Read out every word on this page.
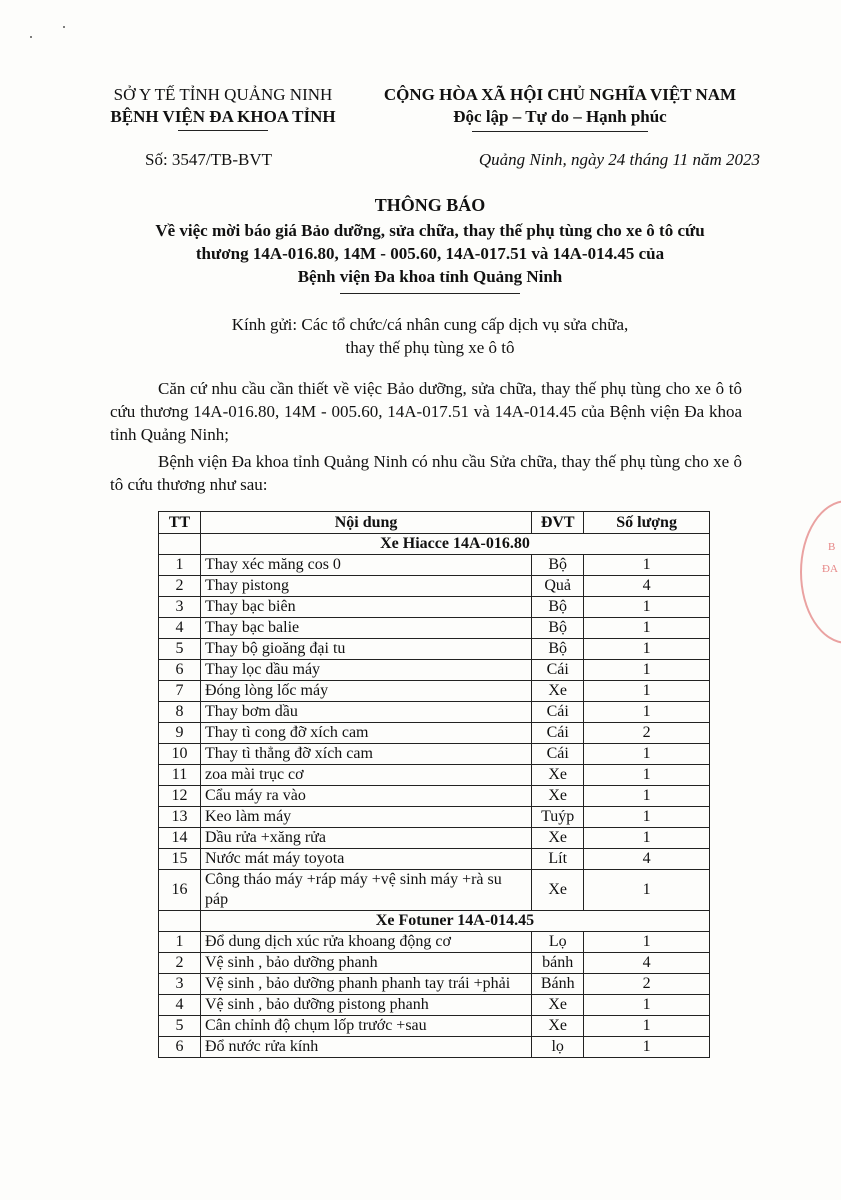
SỞ Y TẾ TỈNH QUẢNG NINH
BỆNH VIỆN ĐA KHOA TỈNH
CỘNG HÒA XÃ HỘI CHỦ NGHĨA VIỆT NAM
Độc lập – Tự do – Hạnh phúc
Số: 3547/TB-BVT	Quảng Ninh, ngày 24 tháng 11 năm 2023
THÔNG BÁO
Về việc mời báo giá Bảo dưỡng, sửa chữa, thay thế phụ tùng cho xe ô tô cứu
thương 14A-016.80, 14M - 005.60, 14A-017.51 và 14A-014.45 của
Bệnh viện Đa khoa tỉnh Quảng Ninh
Kính gửi: Các tổ chức/cá nhân cung cấp dịch vụ sửa chữa,
thay thế phụ tùng xe ô tô
Căn cứ nhu cầu cần thiết về việc Bảo dưỡng, sửa chữa, thay thế phụ tùng cho xe ô tô cứu thương 14A-016.80, 14M - 005.60, 14A-017.51 và 14A-014.45 của Bệnh viện Đa khoa tỉnh Quảng Ninh;
Bệnh viện Đa khoa tỉnh Quảng Ninh có nhu cầu Sửa chữa, thay thế phụ tùng cho xe ô tô cứu thương như sau:
TT	Nội dung	ĐVT	Số lượng
	Xe Hiacce 14A-016.80		
1	Thay xéc măng cos 0	Bộ	1
2	Thay pistong	Quả	4
3	Thay bạc biên	Bộ	1
4	Thay bạc balie	Bộ	1
5	Thay bộ gioăng đại tu	Bộ	1
6	Thay lọc dầu máy	Cái	1
7	Đóng lòng lốc máy	Xe	1
8	Thay bơm dầu	Cái	1
9	Thay tì cong đỡ xích cam	Cái	2
10	Thay tì thẳng đỡ xích cam	Cái	1
11	zoa mài trục cơ	Xe	1
12	Cẩu máy ra vào	Xe	1
13	Keo làm máy	Tuýp	1
14	Dầu rửa +xăng rửa	Xe	1
15	Nước mát máy toyota	Lít	4
16	Công tháo máy +ráp máy +vệ sinh máy +rà su páp	Xe	1
	Xe Fotuner 14A-014.45		
1	Đổ dung dịch xúc rửa khoang động cơ	Lọ	1
2	Vệ sinh , bảo dưỡng phanh	bánh	4
3	Vệ sinh , bảo dưỡng phanh phanh tay trái +phải	Bánh	2
4	Vệ sinh , bảo dưỡng pistong phanh	Xe	1
5	Cân chỉnh độ chụm lốp trước +sau	Xe	1
6	Đổ nước rửa kính	lọ	1
B
ĐA
